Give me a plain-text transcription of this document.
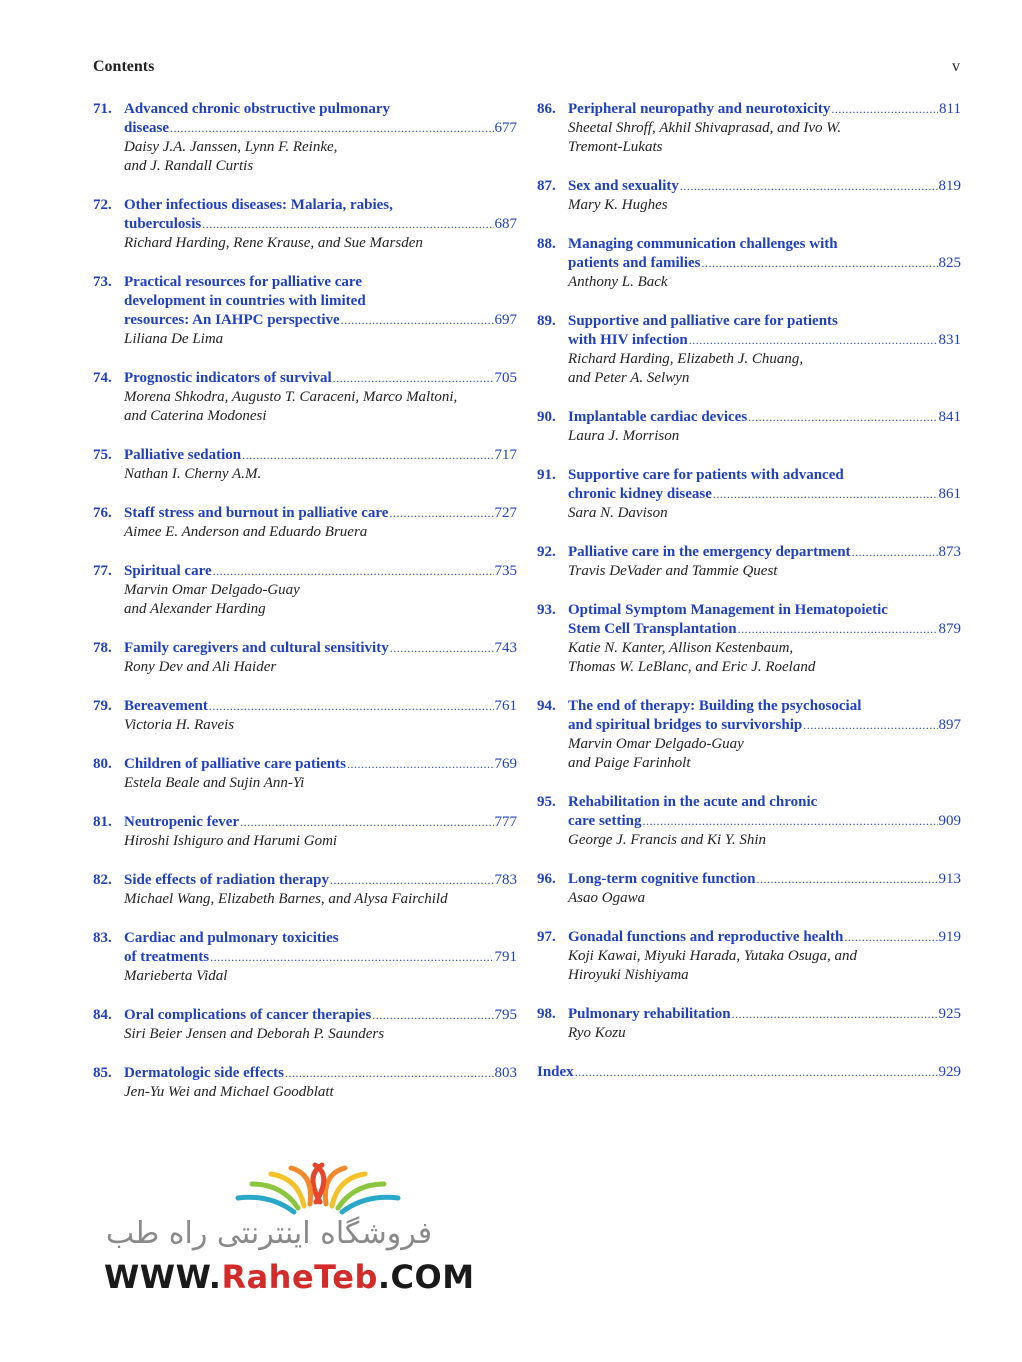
Contents	v
71. Advanced chronic obstructive pulmonary
disease .....	677
Daisy J.A. Janssen, Lynn F. Reinke,
and J. Randall Curtis
72. Other infectious diseases: Malaria, rabies,
tuberculosis .....	687
Richard Harding, Rene Krause, and Sue Marsden
73. Practical resources for palliative care
development in countries with limited
resources: An IAHPC perspective .....	697
Liliana De Lima
74. Prognostic indicators of survival .....	705
Morena Shkodra, Augusto T. Caraceni, Marco Maltoni,
and Caterina Modonesi
75. Palliative sedation .....	717
Nathan I. Cherny A.M.
76. Staff stress and burnout in palliative care .....	727
Aimee E. Anderson and Eduardo Bruera
77. Spiritual care .....	735
Marvin Omar Delgado-Guay
and Alexander Harding
78. Family caregivers and cultural sensitivity .....	743
Rony Dev and Ali Haider
79. Bereavement .....	761
Victoria H. Raveis
80. Children of palliative care patients .....	769
Estela Beale and Sujin Ann-Yi
81. Neutropenic fever .....	777
Hiroshi Ishiguro and Harumi Gomi
82. Side effects of radiation therapy .....	783
Michael Wang, Elizabeth Barnes, and Alysa Fairchild
83. Cardiac and pulmonary toxicities
of treatments .....	791
Marieberta Vidal
84. Oral complications of cancer therapies .....	795
Siri Beier Jensen and Deborah P. Saunders
85. Dermatologic side effects .....	803
Jen-Yu Wei and Michael Goodblatt
86. Peripheral neuropathy and neurotoxicity .....	811
Sheetal Shroff, Akhil Shivaprasad, and Ivo W.
Tremont-Lukats
87. Sex and sexuality .....	819
Mary K. Hughes
88. Managing communication challenges with
patients and families .....	825
Anthony L. Back
89. Supportive and palliative care for patients
with HIV infection .....	831
Richard Harding, Elizabeth J. Chuang,
and Peter A. Selwyn
90. Implantable cardiac devices .....	841
Laura J. Morrison
91. Supportive care for patients with advanced
chronic kidney disease .....	861
Sara N. Davison
92. Palliative care in the emergency department .....	873
Travis DeVader and Tammie Quest
93. Optimal Symptom Management in Hematopoietic
Stem Cell Transplantation .....	879
Katie N. Kanter, Allison Kestenbaum,
Thomas W. LeBlanc, and Eric J. Roeland
94. The end of therapy: Building the psychosocial
and spiritual bridges to survivorship .....	897
Marvin Omar Delgado-Guay
and Paige Farinholt
95. Rehabilitation in the acute and chronic
care setting .....	909
George J. Francis and Ki Y. Shin
96. Long-term cognitive function .....	913
Asao Ogawa
97. Gonadal functions and reproductive health .....	919
Koji Kawai, Miyuki Harada, Yutaka Osuga, and
Hiroyuki Nishiyama
98. Pulmonary rehabilitation .....	925
Ryo Kozu
Index .....	929
فروشگاه اینترنتی راه طب
WWW.RaheTeb.COM
